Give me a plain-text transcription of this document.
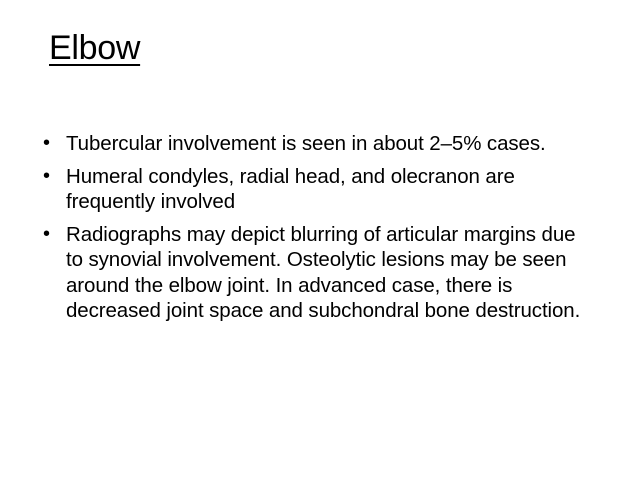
Elbow
• Tubercular involvement is seen in about 2–5% cases.
• Humeral condyles, radial head, and olecranon are frequently involved
• Radiographs may depict blurring of articular margins due to synovial involvement. Osteolytic lesions may be seen around the elbow joint. In advanced case, there is decreased joint space and subchondral bone destruction.
